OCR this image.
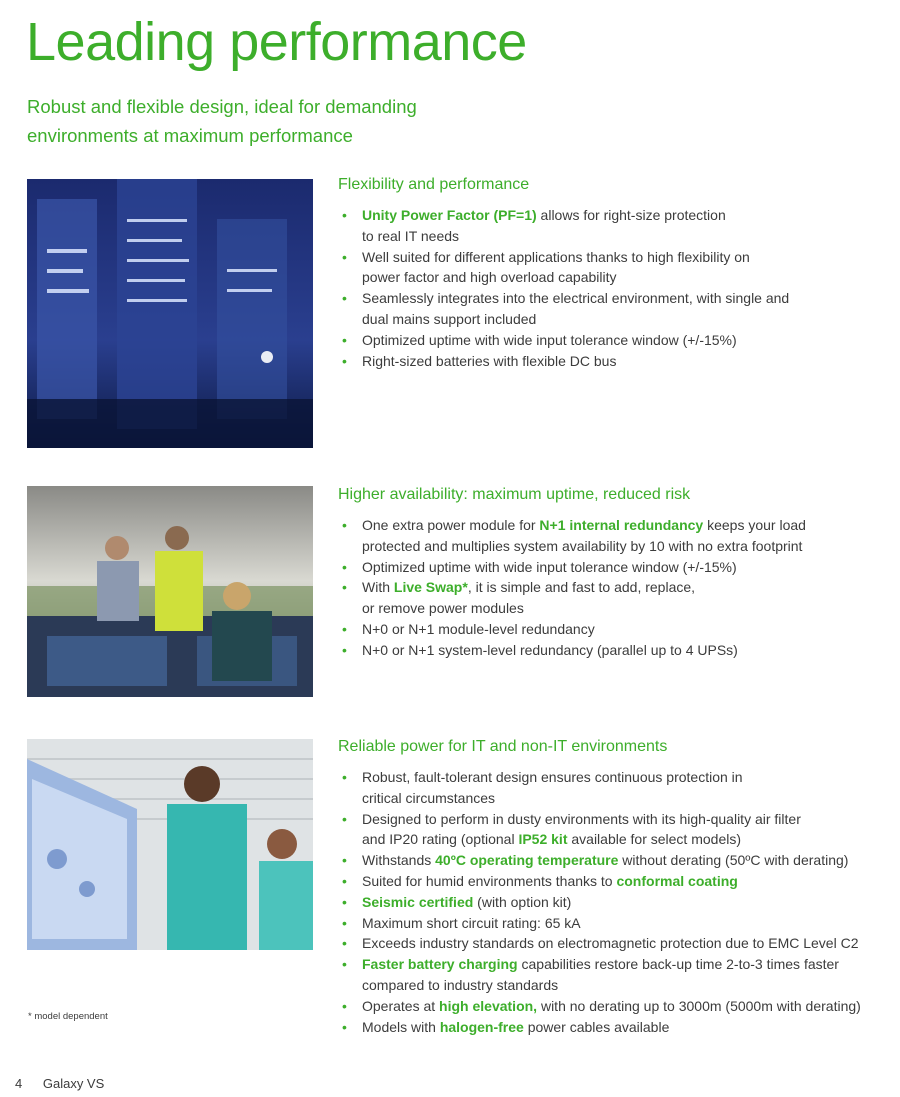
Leading performance

Robust and flexible design, ideal for demanding
environments at maximum performance

Flexibility and performance
• Unity Power Factor (PF=1) allows for right-size protection
to real IT needs
• Well suited for different applications thanks to high flexibility on
power factor and high overload capability
• Seamlessly integrates into the electrical environment, with single and
dual mains support included
• Optimized uptime with wide input tolerance window (+/-15%)
• Right-sized batteries with flexible DC bus
Higher availability: maximum uptime, reduced risk
• One extra power module for N+1 internal redundancy keeps your load
protected and multiplies system availability by 10 with no extra footprint
• Optimized uptime with wide input tolerance window (+/-15%)
• With Live Swap*, it is simple and fast to add, replace,
or remove power modules
• N+0 or N+1 module-level redundancy
• N+0 or N+1 system-level redundancy (parallel up to 4 UPSs)
Reliable power for IT and non-IT environments
• Robust, fault-tolerant design ensures continuous protection in
critical circumstances
• Designed to perform in dusty environments with its high-quality air filter
and IP20 rating (optional IP52 kit available for select models)
• Withstands 40ºC operating temperature without derating (50ºC with derating)
• Suited for humid environments thanks to conformal coating
• Seismic certified (with option kit)
• Maximum short circuit rating: 65 kA
• Exceeds industry standards on electromagnetic protection due to EMC Level C2
• Faster battery charging capabilities restore back-up time 2-to-3 times faster
compared to industry standards
• Operates at high elevation, with no derating up to 3000m (5000m with derating)
• Models with halogen-free power cables available
* model dependent
4 Galaxy VS
